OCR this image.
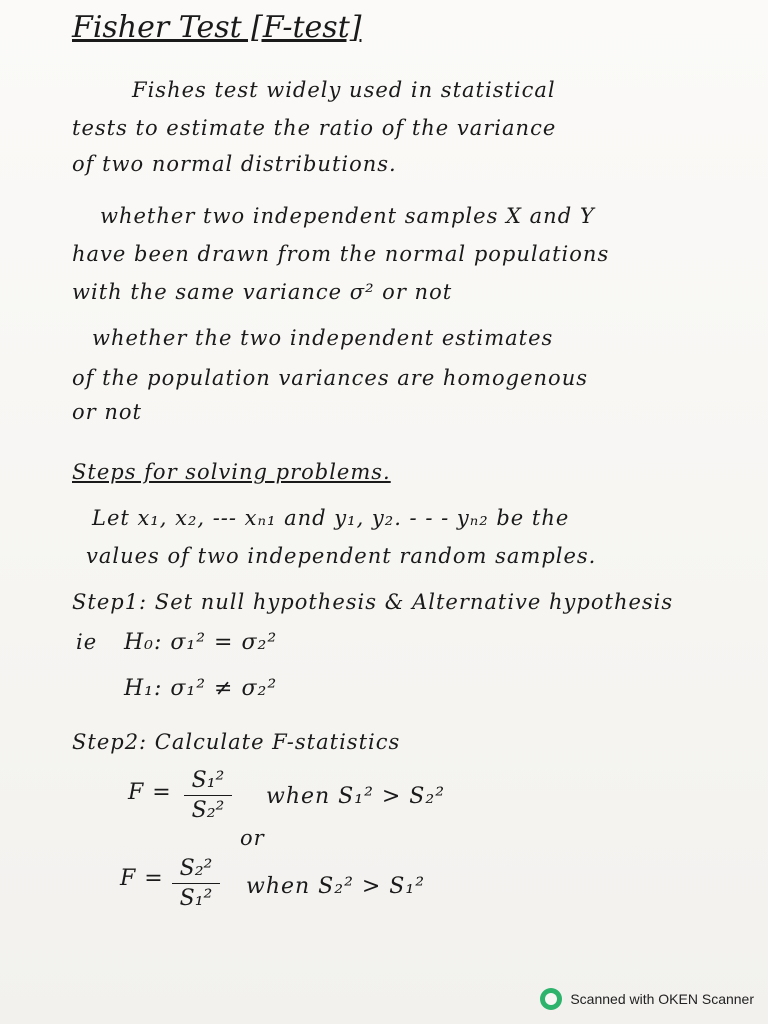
Fisher Test [F-test]
Fishes test widely used in statistical
tests to estimate the ratio of the variance
of two normal distributions.
whether two independent samples X and Y
have been drawn from the normal populations
with the same variance σ² or not
whether the two independent estimates
of the population variances are homogenous
or not
Steps for solving problems.
Let x₁, x₂, --- xₙ₁ and y₁, y₂. - - - yₙ₂ be the
values of two independent random samples.
Step1: Set null hypothesis & Alternative hypothesis
ie H₀: σ₁² = σ₂²
H₁: σ₁² ≠ σ₂²
Step2: Calculate F-statistics
F = S₁²
S₂²
when S₁² > S₂²
or
F = S₂²
S₁² when S₂² > S₁²
Scanned with OKEN Scanner
